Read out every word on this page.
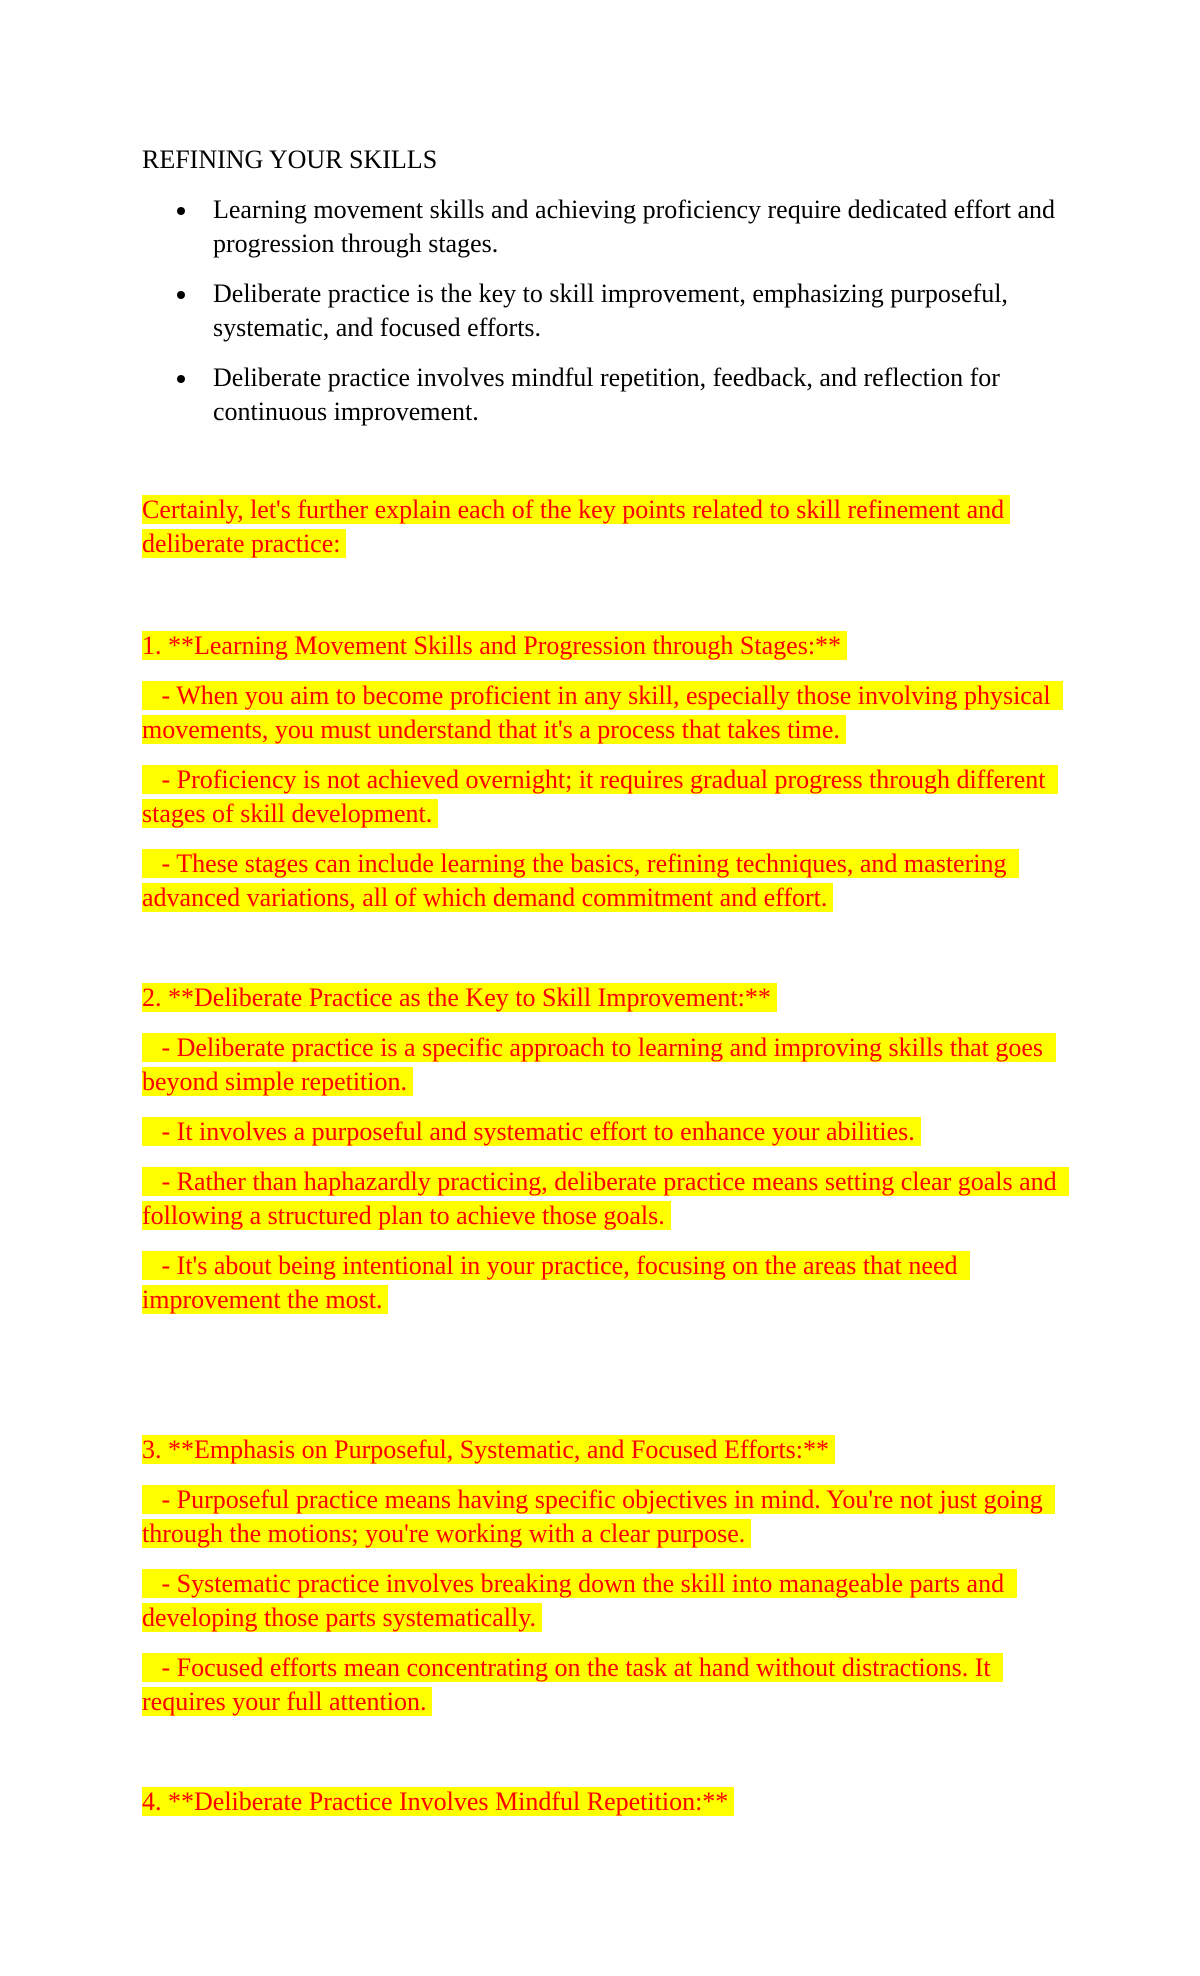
REFINING YOUR SKILLS
Learning movement skills and achieving proficiency require dedicated effort and progression through stages.
Deliberate practice is the key to skill improvement, emphasizing purposeful, systematic, and focused efforts.
Deliberate practice involves mindful repetition, feedback, and reflection for continuous improvement.

Certainly, let's further explain each of the key points related to skill refinement and deliberate practice:

1. **Learning Movement Skills and Progression through Stages:**

- When you aim to become proficient in any skill, especially those involving physical movements, you must understand that it's a process that takes time.

- Proficiency is not achieved overnight; it requires gradual progress through different stages of skill development.

- These stages can include learning the basics, refining techniques, and mastering advanced variations, all of which demand commitment and effort.

2. **Deliberate Practice as the Key to Skill Improvement:**

- Deliberate practice is a specific approach to learning and improving skills that goes beyond simple repetition.

- It involves a purposeful and systematic effort to enhance your abilities.

- Rather than haphazardly practicing, deliberate practice means setting clear goals and following a structured plan to achieve those goals.

- It's about being intentional in your practice, focusing on the areas that need improvement the most.

3. **Emphasis on Purposeful, Systematic, and Focused Efforts:**

- Purposeful practice means having specific objectives in mind. You're not just going through the motions; you're working with a clear purpose.

- Systematic practice involves breaking down the skill into manageable parts and developing those parts systematically.

- Focused efforts mean concentrating on the task at hand without distractions. It requires your full attention.

4. **Deliberate Practice Involves Mindful Repetition:**
